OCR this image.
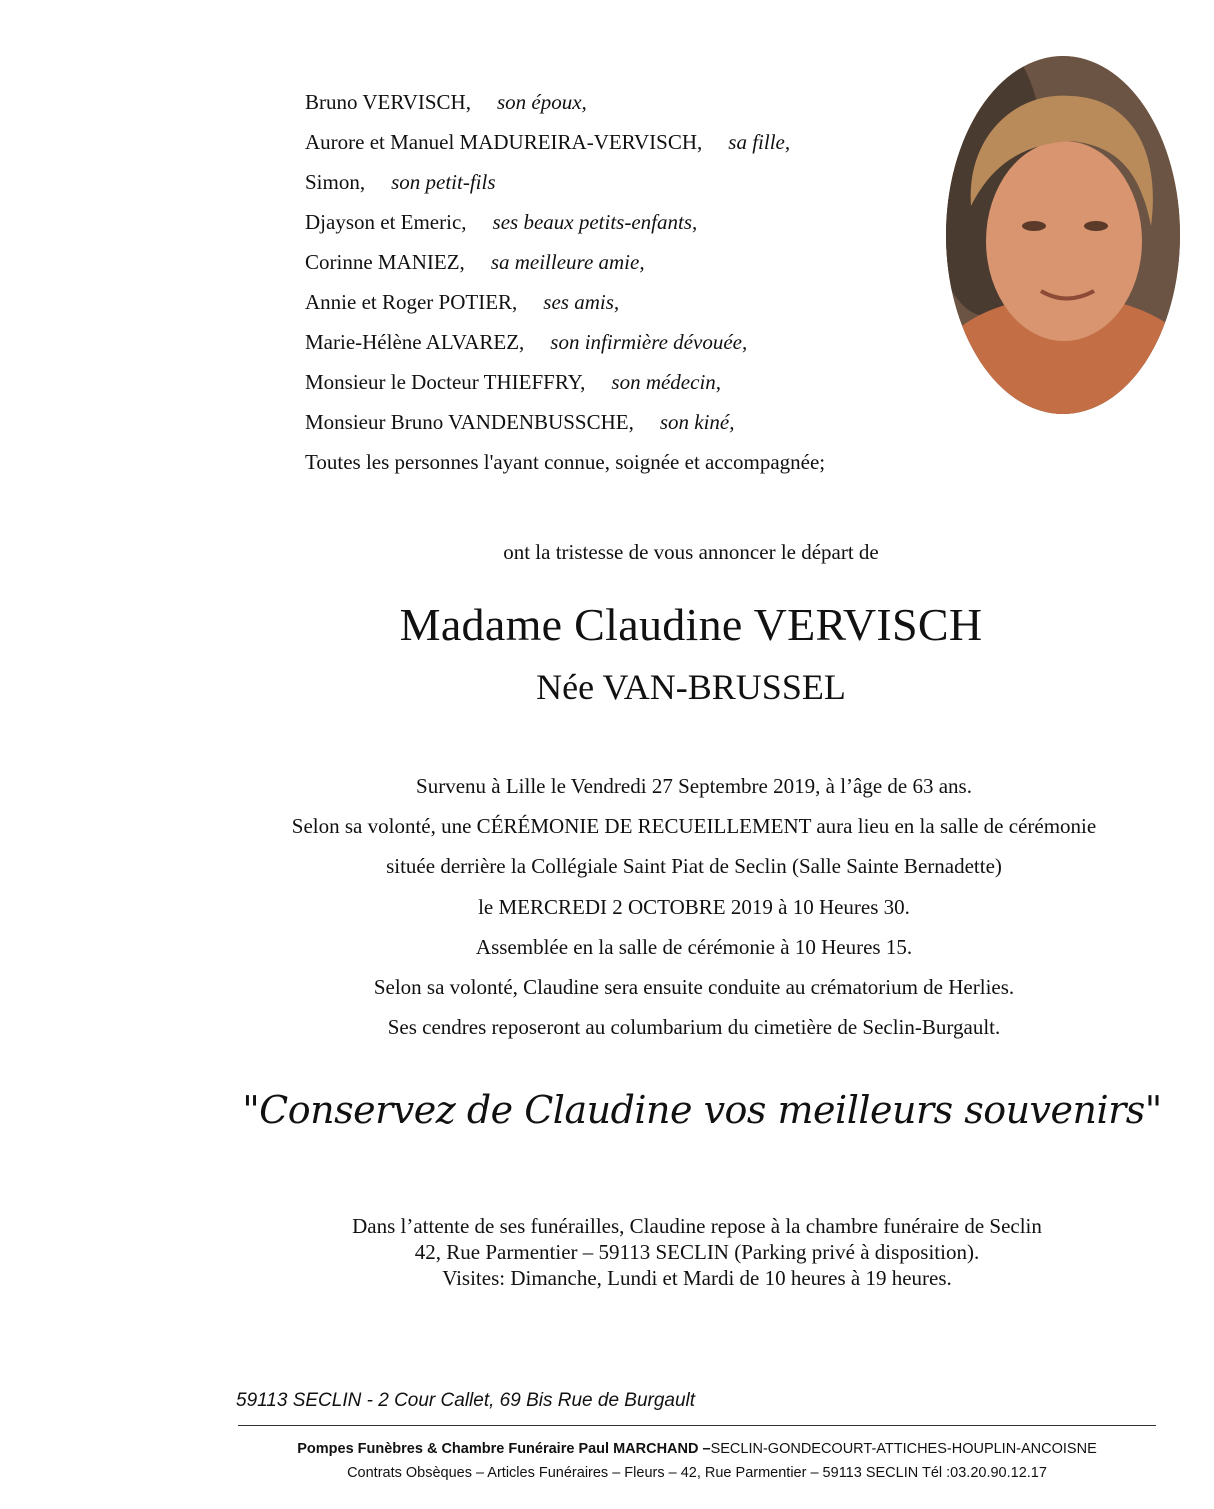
Bruno VERVISCH, son époux,
Aurore et Manuel MADUREIRA-VERVISCH, sa fille,
Simon, son petit-fils
Djayson et Emeric, ses beaux petits-enfants,
Corinne MANIEZ, sa meilleure amie,
Annie et Roger POTIER, ses amis,
Marie-Hélène ALVAREZ, son infirmière dévouée,
Monsieur le Docteur THIEFFRY, son médecin,
Monsieur Bruno VANDENBUSSCHE, son kiné,
Toutes les personnes l'ayant connue, soignée et accompagnée;
ont la tristesse de vous annoncer le départ de
Madame Claudine VERVISCH
Née VAN-BRUSSEL
Survenu à Lille le Vendredi 27 Septembre 2019, à l’âge de 63 ans.
Selon sa volonté, une CÉRÉMONIE DE RECUEILLEMENT aura lieu en la salle de cérémonie
située derrière la Collégiale Saint Piat de Seclin (Salle Sainte Bernadette)
le MERCREDI 2 OCTOBRE 2019 à 10 Heures 30.
Assemblée en la salle de cérémonie à 10 Heures 15.
Selon sa volonté, Claudine sera ensuite conduite au crématorium de Herlies.
Ses cendres reposeront au columbarium du cimetière de Seclin-Burgault.
"Conservez de Claudine vos meilleurs souvenirs"
Dans l’attente de ses funérailles, Claudine repose à la chambre funéraire de Seclin
42, Rue Parmentier – 59113 SECLIN (Parking privé à disposition).
Visites: Dimanche, Lundi et Mardi de 10 heures à 19 heures.
59113 SECLIN - 2 Cour Callet, 69 Bis Rue de Burgault
Pompes Funèbres & Chambre Funéraire Paul MARCHAND –SECLIN-GONDECOURT-ATTICHES-HOUPLIN-ANCOISNE
Contrats Obsèques – Articles Funéraires – Fleurs – 42, Rue Parmentier – 59113 SECLIN Tél :03.20.90.12.17
